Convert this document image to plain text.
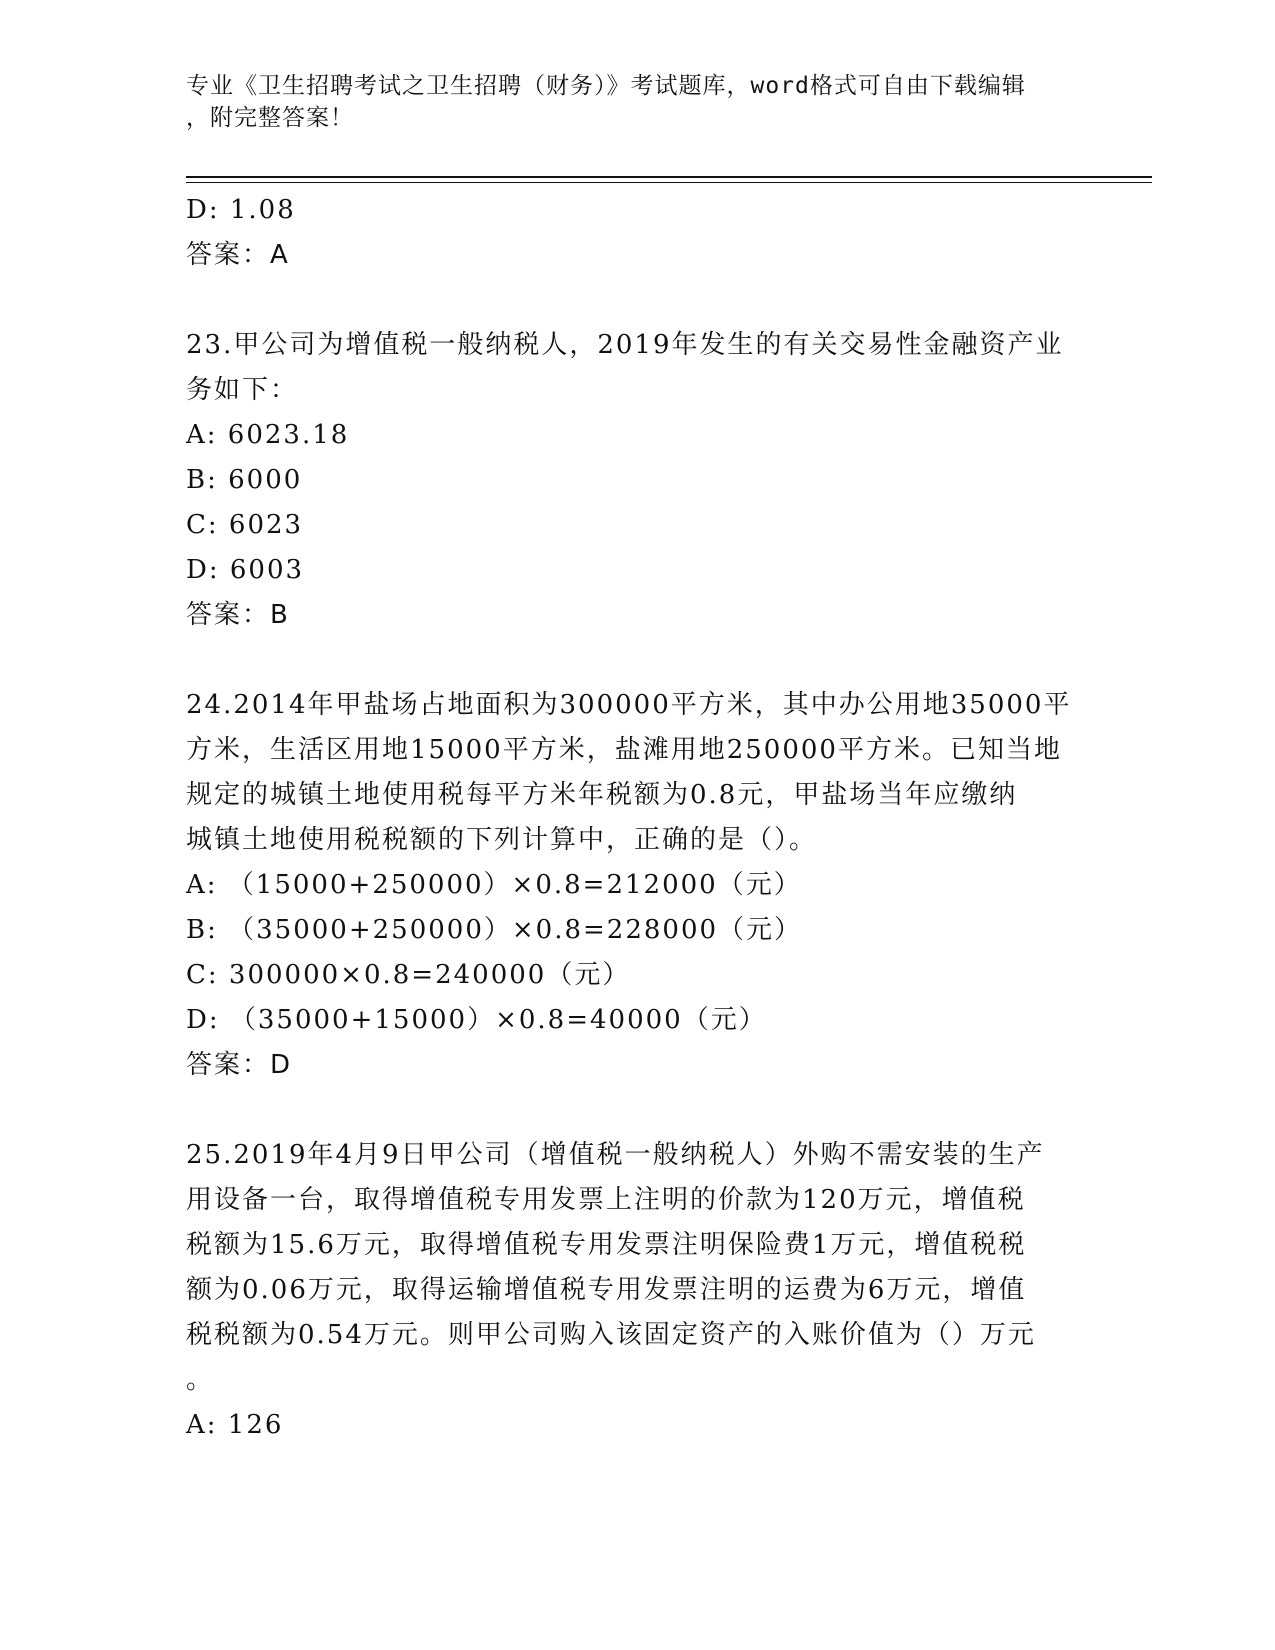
专业《卫生招聘考试之卫生招聘（财务）》考试题库，word格式可自由下载编辑
，附完整答案！
D: 1.08
答案：A
23.甲公司为增值税一般纳税人，2019年发生的有关交易性金融资产业
务如下：
A: 6023.18
B: 6000
C: 6023
D: 6003
答案：B
24.2014年甲盐场占地面积为300000平方米，其中办公用地35000平
方米，生活区用地15000平方米，盐滩用地250000平方米。已知当地
规定的城镇土地使用税每平方米年税额为0.8元，甲盐场当年应缴纳
城镇土地使用税税额的下列计算中，正确的是（）。
A: （15000+250000）×0.8=212000（元）
B: （35000+250000）×0.8=228000（元）
C: 300000×0.8=240000（元）
D: （35000+15000）×0.8=40000（元）
答案：D
25.2019年4月9日甲公司（增值税一般纳税人）外购不需安装的生产
用设备一台，取得增值税专用发票上注明的价款为120万元，增值税
税额为15.6万元，取得增值税专用发票注明保险费1万元，增值税税
额为0.06万元，取得运输增值税专用发票注明的运费为6万元，增值
税税额为0.54万元。则甲公司购入该固定资产的入账价值为（）万元
。
A: 126
